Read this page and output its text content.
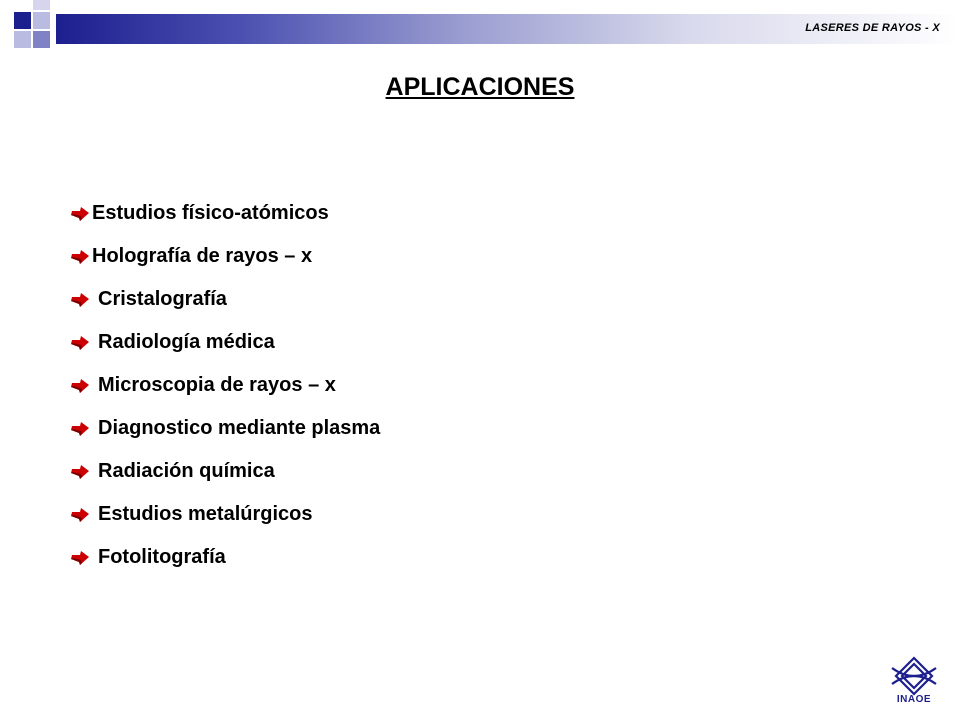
LASERES DE RAYOS - X
APLICACIONES
Estudios físico-atómicos
Holografía de rayos – x
Cristalografía
Radiología médica
Microscopia de rayos – x
Diagnostico mediante plasma
Radiación química
Estudios metalúrgicos
Fotolitografía
INAOE
